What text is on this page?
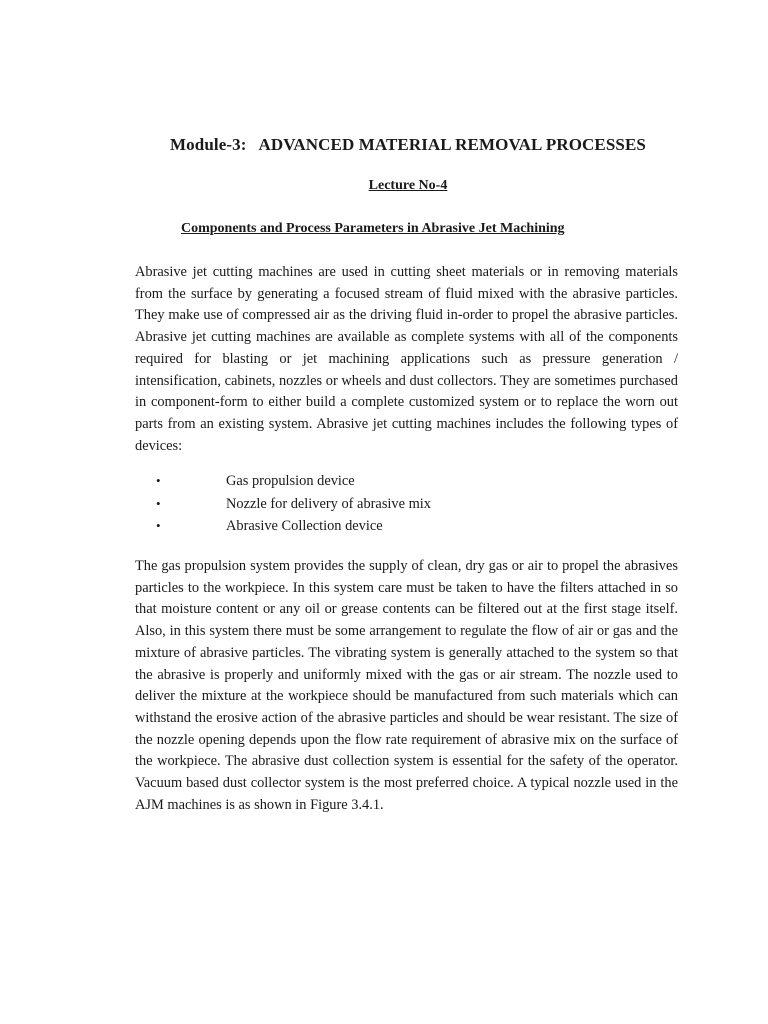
Module-3: ADVANCED MATERIAL REMOVAL PROCESSES
Lecture No-4
Components and Process Parameters in Abrasive Jet Machining

Abrasive jet cutting machines are used in cutting sheet materials or in removing materials from the surface by generating a focused stream of fluid mixed with the abrasive particles. They make use of compressed air as the driving fluid in-order to propel the abrasive particles. Abrasive jet cutting machines are available as complete systems with all of the components required for blasting or jet machining applications such as pressure generation / intensification, cabinets, nozzles or wheels and dust collectors. They are sometimes purchased in component-form to either build a complete customized system or to replace the worn out parts from an existing system. Abrasive jet cutting machines includes the following types of devices:

•	Gas propulsion device
•	Nozzle for delivery of abrasive mix
•	Abrasive Collection device

The gas propulsion system provides the supply of clean, dry gas or air to propel the abrasives particles to the workpiece. In this system care must be taken to have the filters attached in so that moisture content or any oil or grease contents can be filtered out at the first stage itself. Also, in this system there must be some arrangement to regulate the flow of air or gas and the mixture of abrasive particles. The vibrating system is generally attached to the system so that the abrasive is properly and uniformly mixed with the gas or air stream. The nozzle used to deliver the mixture at the workpiece should be manufactured from such materials which can withstand the erosive action of the abrasive particles and should be wear resistant. The size of the nozzle opening depends upon the flow rate requirement of abrasive mix on the surface of the workpiece. The abrasive dust collection system is essential for the safety of the operator. Vacuum based dust collector system is the most preferred choice. A typical nozzle used in the AJM machines is as shown in Figure 3.4.1.
